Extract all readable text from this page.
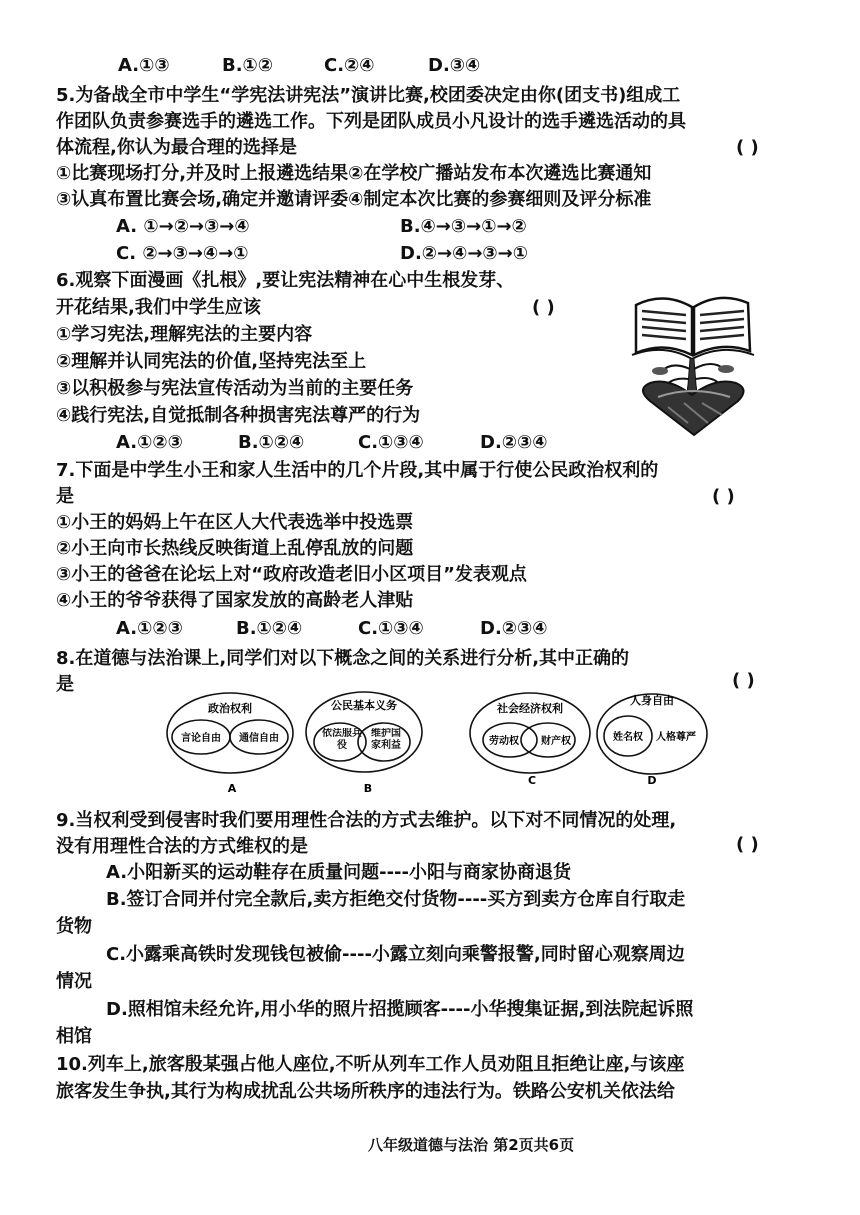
A.①③	B.①②	C.②④	D.③④
5.为备战全市中学生“学宪法讲宪法”演讲比赛,校团委决定由你(团支书)组成工
作团队负责参赛选手的遴选工作。下列是团队成员小凡设计的选手遴选活动的具
体流程,你认为最合理的选择是	( )
①比赛现场打分,并及时上报遴选结果②在学校广播站发布本次遴选比赛通知
③认真布置比赛会场,确定并邀请评委④制定本次比赛的参赛细则及评分标准
A. ①→②→③→④	B.④→③→①→②
C. ②→③→④→①	D.②→④→③→①
6.观察下面漫画《扎根》,要让宪法精神在心中生根发芽、
开花结果,我们中学生应该	( )
①学习宪法,理解宪法的主要内容
②理解并认同宪法的价值,坚持宪法至上
③以积极参与宪法宣传活动为当前的主要任务
④践行宪法,自觉抵制各种损害宪法尊严的行为
A.①②③	B.①②④	C.①③④	D.②③④
7.下面是中学生小王和家人生活中的几个片段,其中属于行使公民政治权利的
是	( )
①小王的妈妈上午在区人大代表选举中投选票
②小王向市长热线反映街道上乱停乱放的问题
③小王的爸爸在论坛上对“政府改造老旧小区项目”发表观点
④小王的爷爷获得了国家发放的高龄老人津贴
A.①②③	B.①②④	C.①③④	D.②③④
8.在道德与法治课上,同学们对以下概念之间的关系进行分析,其中正确的
是	( )
政治权利
言论自由 通信自由
A
公民基本义务
依法服兵役
维护国家利益
B
社会经济权利
劳动权 财产权
C
人身自由
姓名权 人格尊严
D
9.当权利受到侵害时我们要用理性合法的方式去维护。以下对不同情况的处理,
没有用理性合法的方式维权的是	( )
A.小阳新买的运动鞋存在质量问题----小阳与商家协商退货
B.签订合同并付完全款后,卖方拒绝交付货物----买方到卖方仓库自行取走
货物
C.小露乘高铁时发现钱包被偷----小露立刻向乘警报警,同时留心观察周边
情况
D.照相馆未经允许,用小华的照片招揽顾客----小华搜集证据,到法院起诉照
相馆
10.列车上,旅客殷某强占他人座位,不听从列车工作人员劝阻且拒绝让座,与该座
旅客发生争执,其行为构成扰乱公共场所秩序的违法行为。铁路公安机关依法给
八年级道德与法治 第2页共6页
